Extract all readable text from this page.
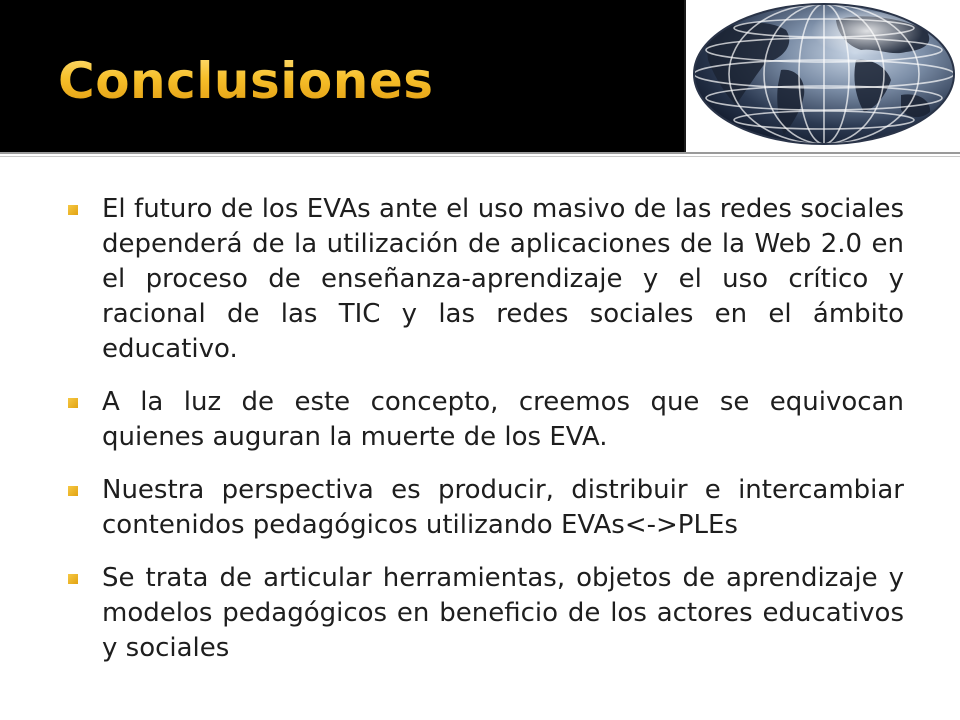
Conclusiones
El futuro de los EVAs ante el uso masivo de las redes sociales dependerá de la utilización de aplicaciones de la Web 2.0 en el proceso de enseñanza-aprendizaje y el uso crítico y racional de las TIC y las redes sociales en el ámbito educativo.
A la luz de este concepto, creemos que se equivocan quienes auguran la muerte de los EVA.
Nuestra perspectiva es producir, distribuir e intercambiar contenidos pedagógicos utilizando EVAs<->PLEs
Se trata de articular herramientas, objetos de aprendizaje y modelos pedagógicos en beneficio de los actores educativos y sociales
